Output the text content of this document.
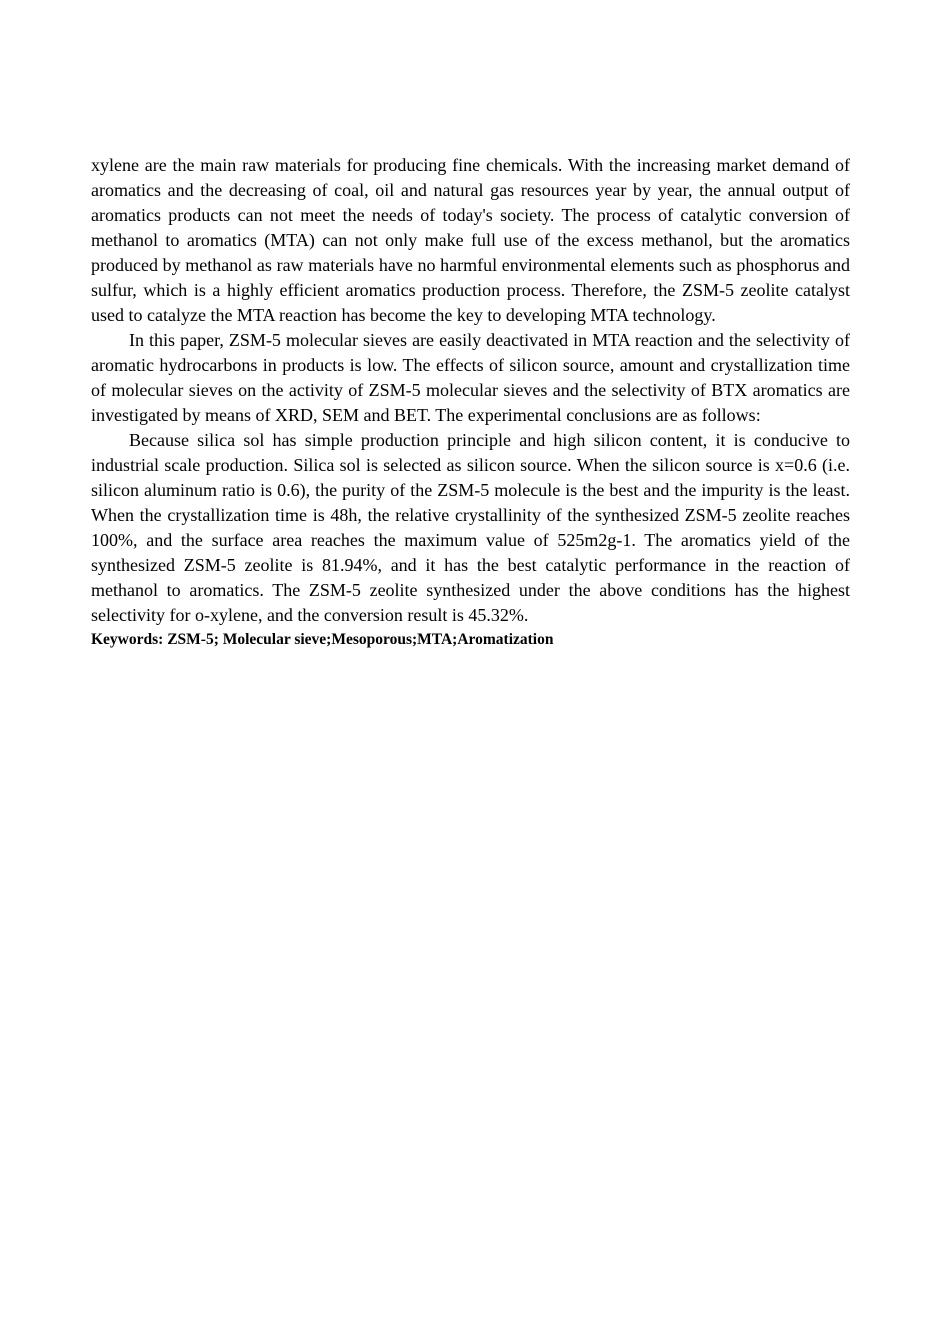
xylene are the main raw materials for producing fine chemicals. With the increasing market demand of aromatics and the decreasing of coal, oil and natural gas resources year by year, the annual output of aromatics products can not meet the needs of today's society. The process of catalytic conversion of methanol to aromatics (MTA) can not only make full use of the excess methanol, but the aromatics produced by methanol as raw materials have no harmful environmental elements such as phosphorus and sulfur, which is a highly efficient aromatics production process. Therefore, the ZSM-5 zeolite catalyst used to catalyze the MTA reaction has become the key to developing MTA technology.

In this paper, ZSM-5 molecular sieves are easily deactivated in MTA reaction and the selectivity of aromatic hydrocarbons in products is low. The effects of silicon source, amount and crystallization time of molecular sieves on the activity of ZSM-5 molecular sieves and the selectivity of BTX aromatics are investigated by means of XRD, SEM and BET. The experimental conclusions are as follows:

Because silica sol has simple production principle and high silicon content, it is conducive to industrial scale production. Silica sol is selected as silicon source. When the silicon source is x=0.6 (i.e. silicon aluminum ratio is 0.6), the purity of the ZSM-5 molecule is the best and the impurity is the least. When the crystallization time is 48h, the relative crystallinity of the synthesized ZSM-5 zeolite reaches 100%, and the surface area reaches the maximum value of 525m2g-1. The aromatics yield of the synthesized ZSM-5 zeolite is 81.94%, and it has the best catalytic performance in the reaction of methanol to aromatics. The ZSM-5 zeolite synthesized under the above conditions has the highest selectivity for o-xylene, and the conversion result is 45.32%.

Keywords: ZSM-5; Molecular sieve;Mesoporous;MTA;Aromatization
